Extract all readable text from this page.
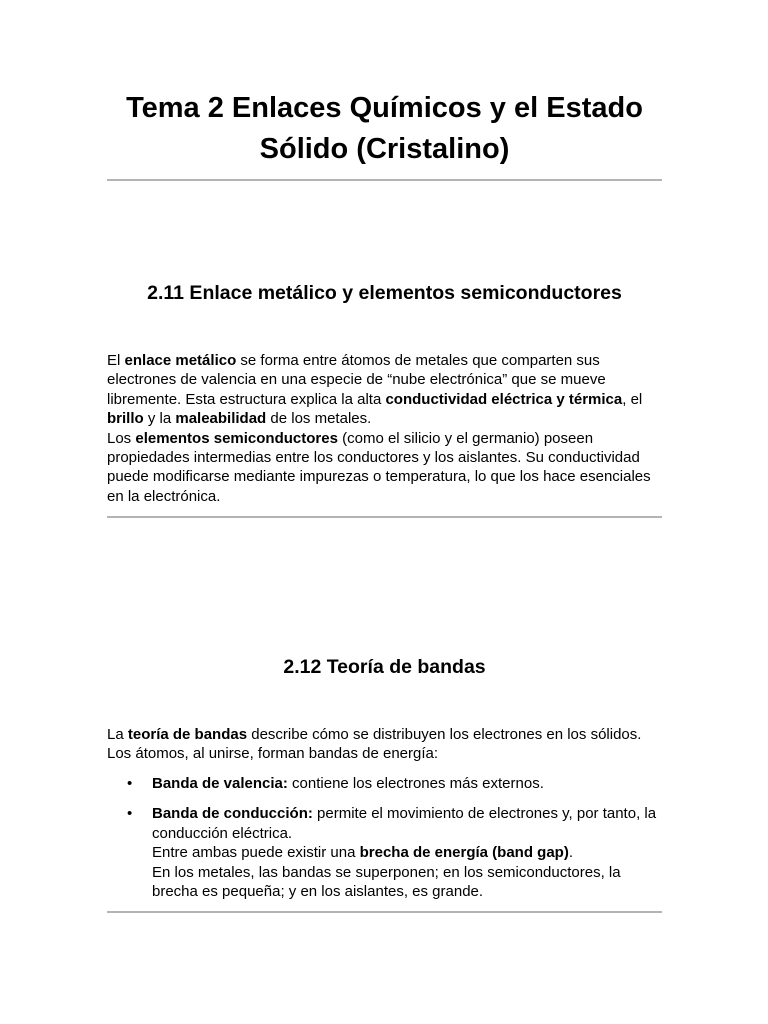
Tema 2 Enlaces Químicos y el Estado Sólido (Cristalino)
2.11 Enlace metálico y elementos semiconductores

El enlace metálico se forma entre átomos de metales que comparten sus electrones de valencia en una especie de “nube electrónica” que se mueve libremente. Esta estructura explica la alta conductividad eléctrica y térmica, el brillo y la maleabilidad de los metales.
Los elementos semiconductores (como el silicio y el germanio) poseen propiedades intermedias entre los conductores y los aislantes. Su conductividad puede modificarse mediante impurezas o temperatura, lo que los hace esenciales en la electrónica.

2.12 Teoría de bandas

La teoría de bandas describe cómo se distribuyen los electrones en los sólidos. Los átomos, al unirse, forman bandas de energía:

• Banda de valencia: contiene los electrones más externos.
• Banda de conducción: permite el movimiento de electrones y, por tanto, la conducción eléctrica.
Entre ambas puede existir una brecha de energía (band gap).
En los metales, las bandas se superponen; en los semiconductores, la brecha es pequeña; y en los aislantes, es grande.
